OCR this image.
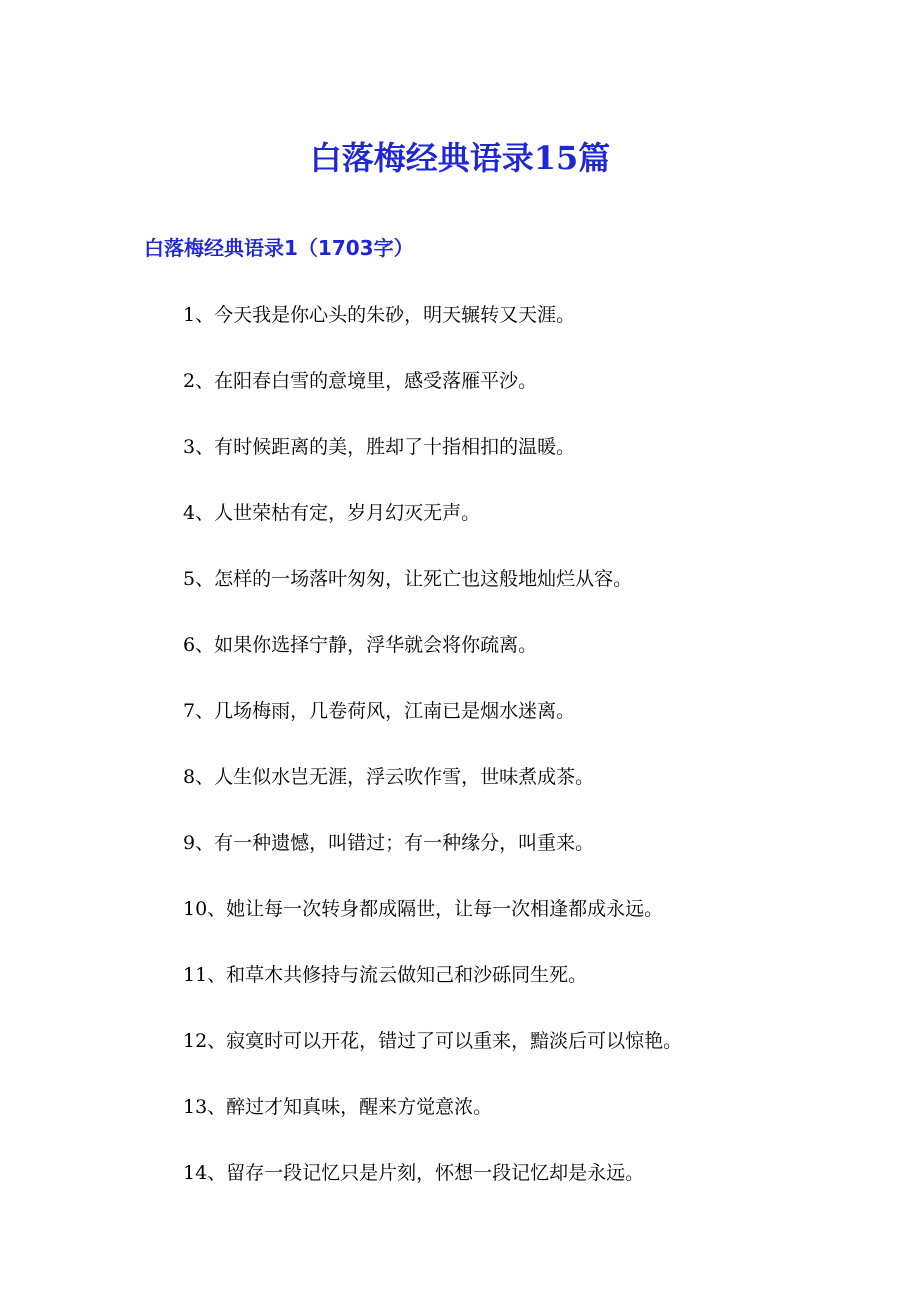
白落梅经典语录15篇
白落梅经典语录1（1703字）
1、今天我是你心头的朱砂，明天辗转又天涯。
2、在阳春白雪的意境里，感受落雁平沙。
3、有时候距离的美，胜却了十指相扣的温暖。
4、人世荣枯有定，岁月幻灭无声。
5、怎样的一场落叶匆匆，让死亡也这般地灿烂从容。
6、如果你选择宁静，浮华就会将你疏离。
7、几场梅雨，几卷荷风，江南已是烟水迷离。
8、人生似水岂无涯，浮云吹作雪，世味煮成茶。
9、有一种遗憾，叫错过；有一种缘分，叫重来。
10、她让每一次转身都成隔世，让每一次相逢都成永远。
11、和草木共修持与流云做知己和沙砾同生死。
12、寂寞时可以开花，错过了可以重来，黯淡后可以惊艳。
13、醉过才知真味，醒来方觉意浓。
14、留存一段记忆只是片刻，怀想一段记忆却是永远。
